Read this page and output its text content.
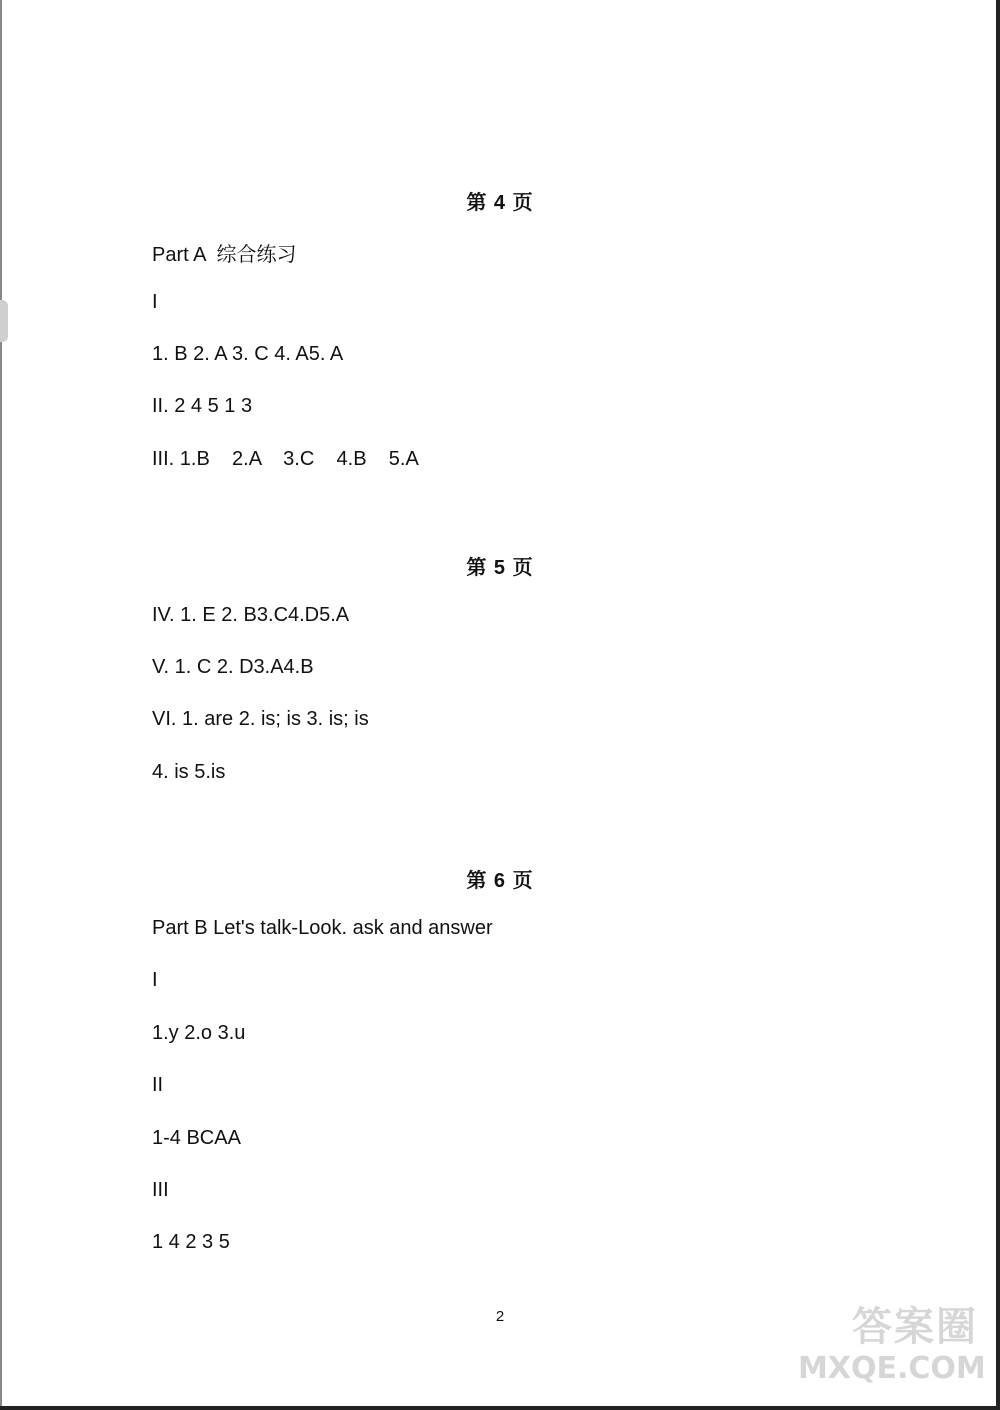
第 4 页
Part A  综合练习
I
1. B 2. A 3. C 4. A5. A
II. 2 4 5 1 3
III. 1.B    2.A    3.C    4.B    5.A
第 5 页
IV. 1. E 2. B3.C4.D5.A
V. 1. C 2. D3.A4.B
VI. 1. are 2. is; is 3. is; is
4. is 5.is
第 6 页
Part B Let's talk-Look. ask and answer
I
1.y 2.o 3.u
II
1-4 BCAA
III
1 4 2 3 5
2	答案圈
MXQE.COM
